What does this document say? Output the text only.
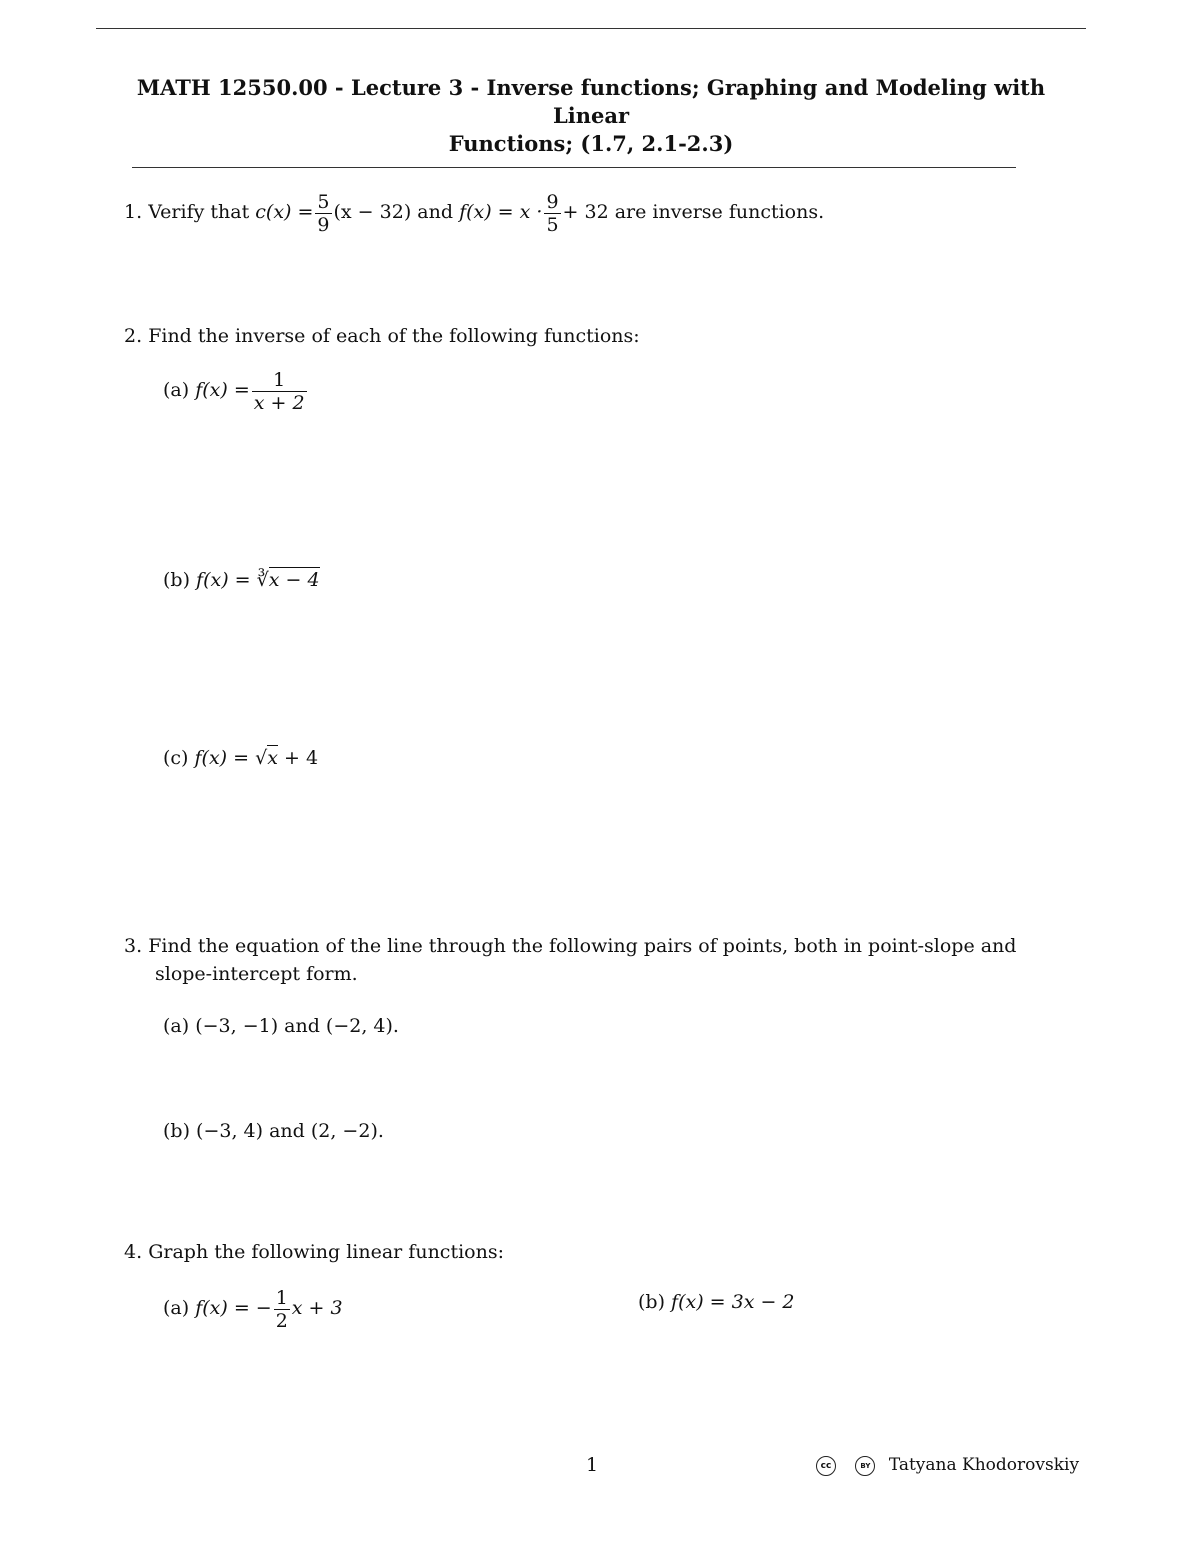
MATH 12550.00 - Lecture 3 - Inverse functions; Graphing and Modeling with Linear
Functions; (1.7, 2.1-2.3)
1. Verify that $c(x) = \frac{5}{9} (x - 32)$ and $f(x) = x \cdot \frac{9}{5} + 32$ are inverse functions.
2. Find the inverse of each of the following functions:
(a) $f(x) = \frac{1}{x + 2}$
(b) f(x) = ∛x − 4
(c) f(x) = √x + 4
3. Find the equation of the line through the following pairs of points, both in point-slope and
slope-intercept form.
(a) (−3, −1) and (−2, 4).
(b) (−3, 4) and (2, −2).
4. Graph the following linear functions:
(a) f(x) = − $\frac{1}{2}$ x + 3	(b) f(x) = 3x − 2
1	cc	BY Tatyana Khodorovskiy
